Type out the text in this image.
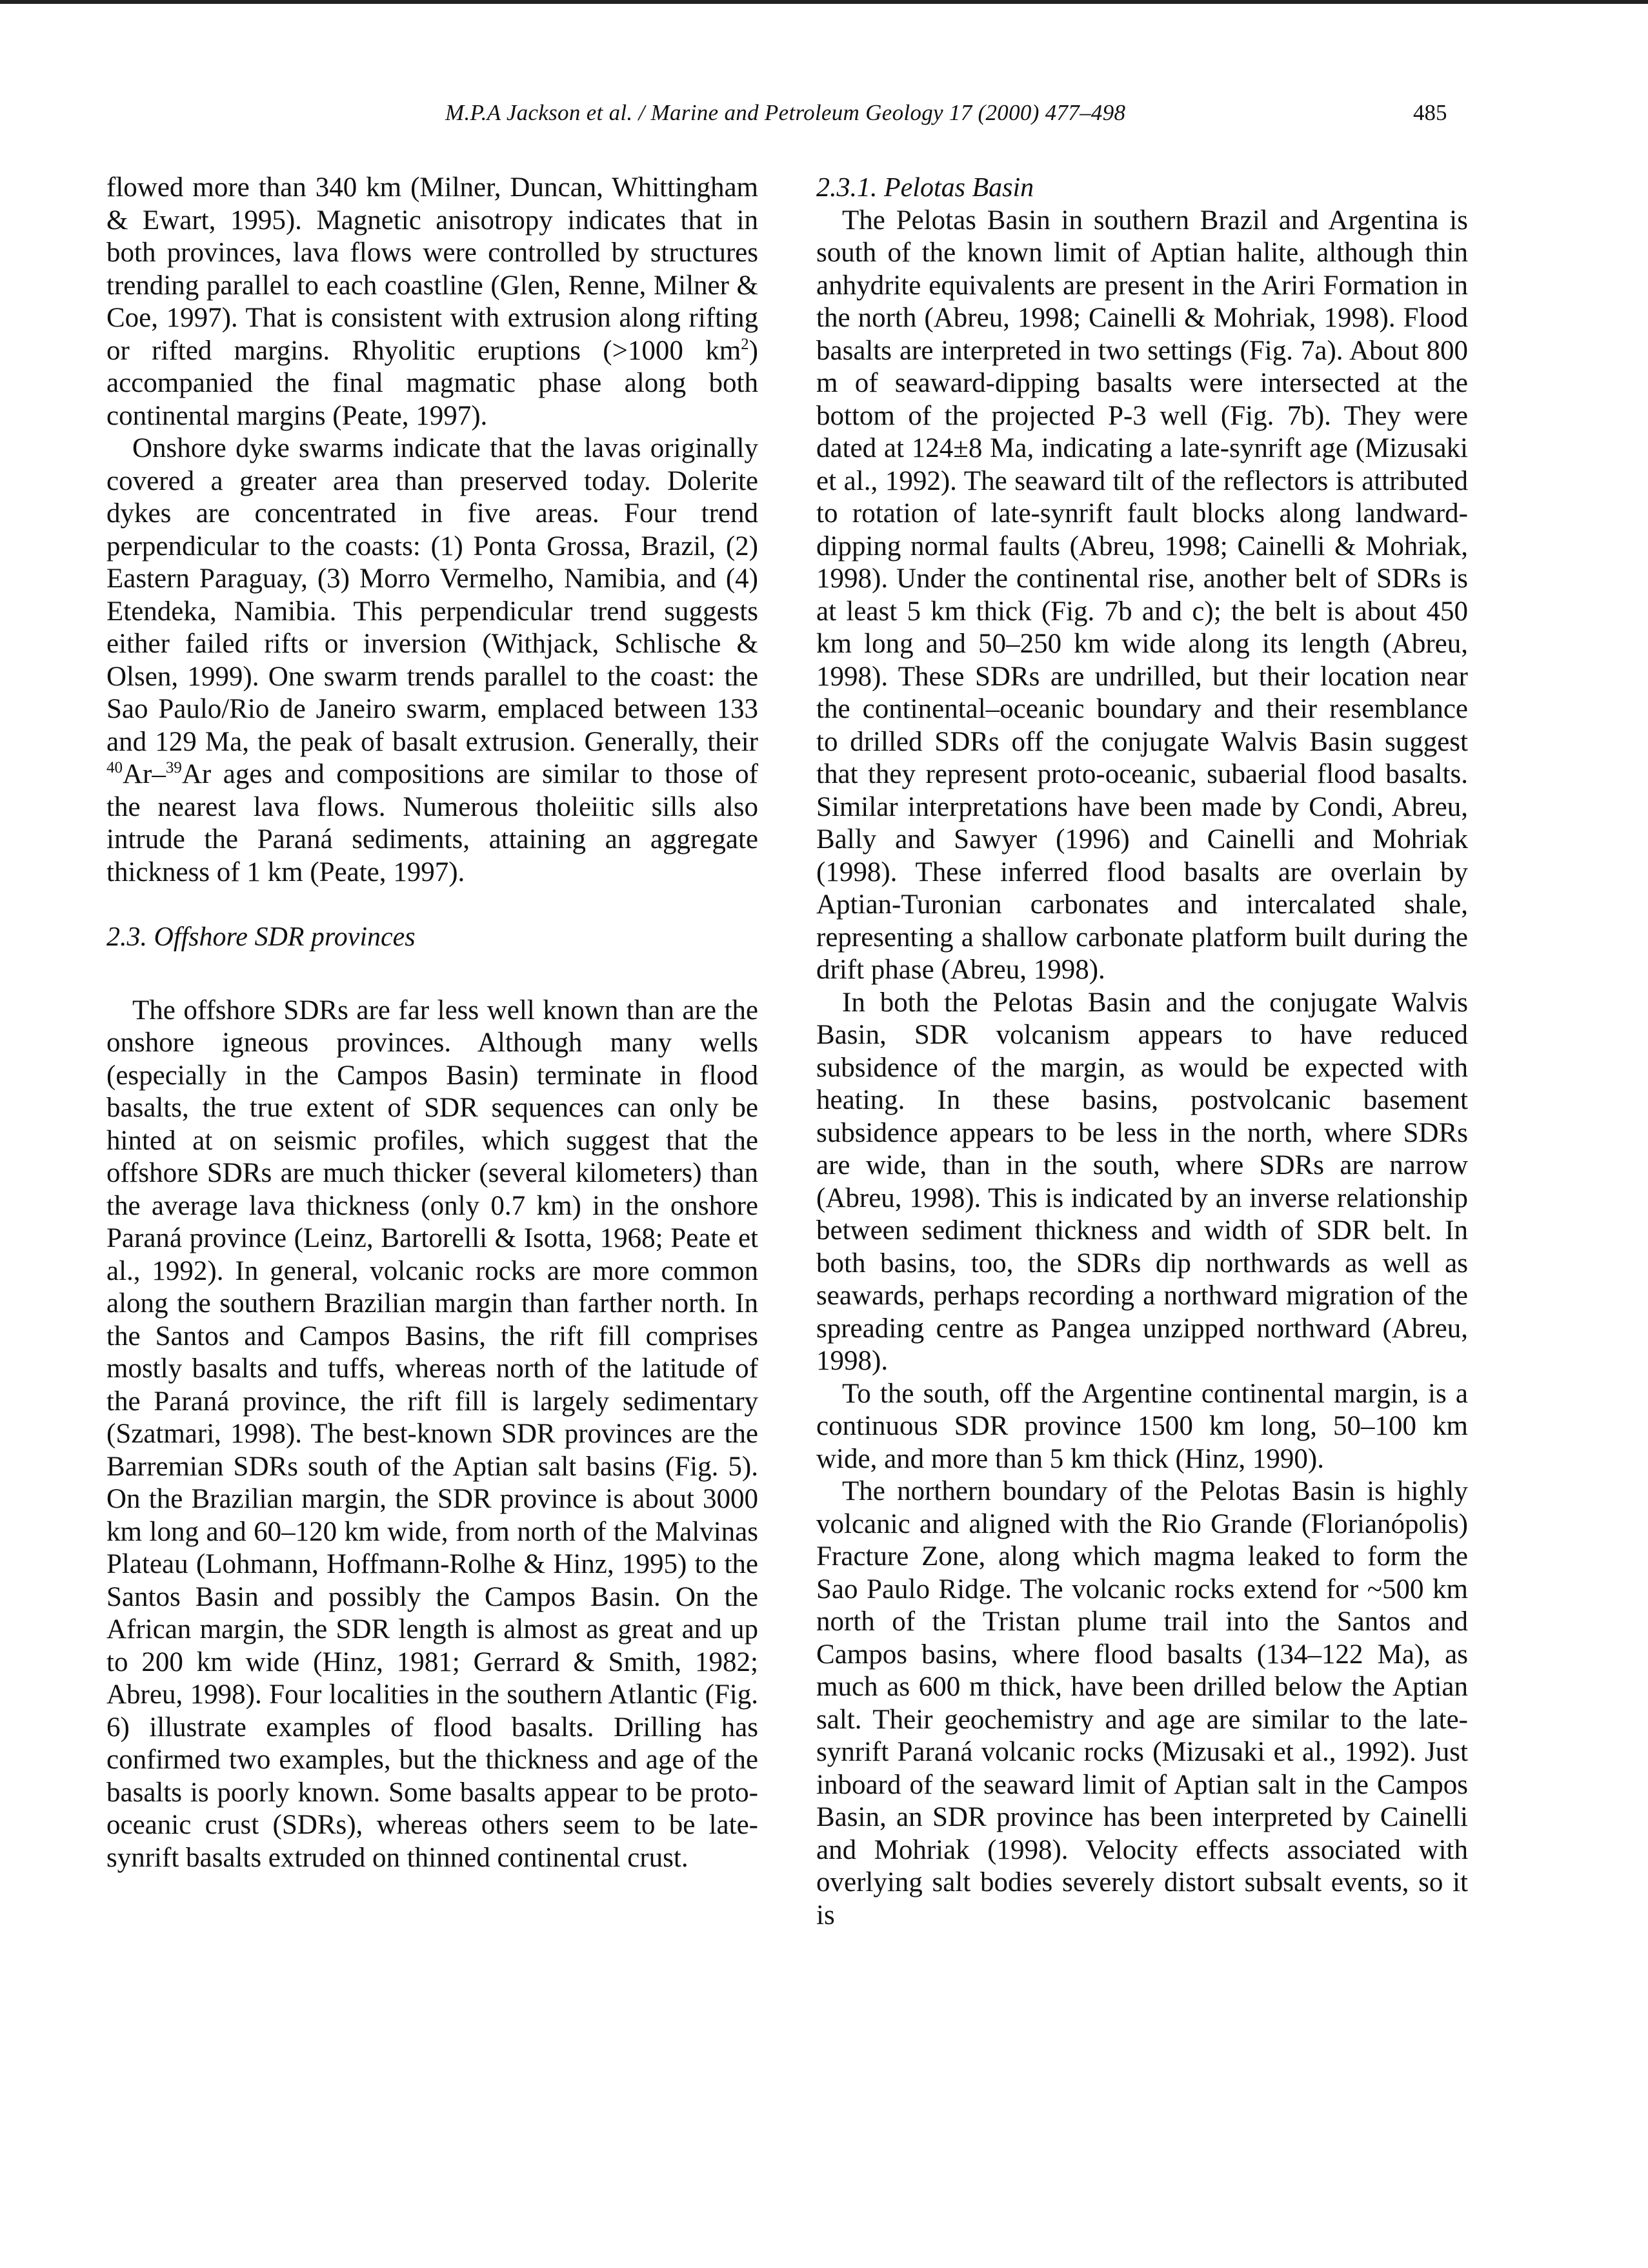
M.P.A Jackson et al. / Marine and Petroleum Geology 17 (2000) 477–498	485

flowed more than 340 km (Milner, Duncan, Whittingham & Ewart, 1995). Magnetic anisotropy indicates that in both provinces, lava flows were controlled by structures trending parallel to each coastline (Glen, Renne, Milner & Coe, 1997). That is consistent with extrusion along rifting or rifted margins. Rhyolitic eruptions (>1000 $km^2$) accompanied the final magmatic phase along both continental margins (Peate, 1997).

Onshore dyke swarms indicate that the lavas originally covered a greater area than preserved today. Dolerite dykes are concentrated in five areas. Four trend perpendicular to the coasts: (1) Ponta Grossa, Brazil, (2) Eastern Paraguay, (3) Morro Vermelho, Namibia, and (4) Etendeka, Namibia. This perpendicular trend suggests either failed rifts or inversion (Withjack, Schlische & Olsen, 1999). One swarm trends parallel to the coast: the Sao Paulo/Rio de Janeiro swarm, emplaced between 133 and 129 Ma, the peak of basalt extrusion. Generally, their $^{40}$Ar–$^{39}$Ar ages and compositions are similar to those of the nearest lava flows. Numerous tholeiitic sills also intrude the Paraná sediments, attaining an aggregate thickness of 1 km (Peate, 1997).

2.3. Offshore SDR provinces

The offshore SDRs are far less well known than are the onshore igneous provinces. Although many wells (especially in the Campos Basin) terminate in flood basalts, the true extent of SDR sequences can only be hinted at on seismic profiles, which suggest that the offshore SDRs are much thicker (several kilometers) than the average lava thickness (only 0.7 km) in the onshore Paraná province (Leinz, Bartorelli & Isotta, 1968; Peate et al., 1992). In general, volcanic rocks are more common along the southern Brazilian margin than farther north. In the Santos and Campos Basins, the rift fill comprises mostly basalts and tuffs, whereas north of the latitude of the Paraná province, the rift fill is largely sedimentary (Szatmari, 1998). The best-known SDR provinces are the Barremian SDRs south of the Aptian salt basins (Fig. 5). On the Brazilian margin, the SDR province is about 3000 km long and 60–120 km wide, from north of the Malvinas Plateau (Lohmann, Hoffmann-Rolhe & Hinz, 1995) to the Santos Basin and possibly the Campos Basin. On the African margin, the SDR length is almost as great and up to 200 km wide (Hinz, 1981; Gerrard & Smith, 1982; Abreu, 1998). Four localities in the southern Atlantic (Fig. 6) illustrate examples of flood basalts. Drilling has confirmed two examples, but the thickness and age of the basalts is poorly known. Some basalts appear to be proto-oceanic crust (SDRs), whereas others seem to be late-synrift basalts extruded on thinned continental crust.

2.3.1. Pelotas Basin

The Pelotas Basin in southern Brazil and Argentina is south of the known limit of Aptian halite, although thin anhydrite equivalents are present in the Ariri Formation in the north (Abreu, 1998; Cainelli & Mohriak, 1998). Flood basalts are interpreted in two settings (Fig. 7a). About 800 m of seaward-dipping basalts were intersected at the bottom of the projected P-3 well (Fig. 7b). They were dated at 124±8 Ma, indicating a late-synrift age (Mizusaki et al., 1992). The seaward tilt of the reflectors is attributed to rotation of late-synrift fault blocks along landward-dipping normal faults (Abreu, 1998; Cainelli & Mohriak, 1998). Under the continental rise, another belt of SDRs is at least 5 km thick (Fig. 7b and c); the belt is about 450 km long and 50–250 km wide along its length (Abreu, 1998). These SDRs are undrilled, but their location near the continental–oceanic boundary and their resemblance to drilled SDRs off the conjugate Walvis Basin suggest that they represent proto-oceanic, subaerial flood basalts. Similar interpretations have been made by Condi, Abreu, Bally and Sawyer (1996) and Cainelli and Mohriak (1998). These inferred flood basalts are overlain by Aptian-Turonian carbonates and intercalated shale, representing a shallow carbonate platform built during the drift phase (Abreu, 1998).

In both the Pelotas Basin and the conjugate Walvis Basin, SDR volcanism appears to have reduced subsidence of the margin, as would be expected with heating. In these basins, postvolcanic basement subsidence appears to be less in the north, where SDRs are wide, than in the south, where SDRs are narrow (Abreu, 1998). This is indicated by an inverse relationship between sediment thickness and width of SDR belt. In both basins, too, the SDRs dip northwards as well as seawards, perhaps recording a northward migration of the spreading centre as Pangea unzipped northward (Abreu, 1998).

To the south, off the Argentine continental margin, is a continuous SDR province 1500 km long, 50–100 km wide, and more than 5 km thick (Hinz, 1990).

The northern boundary of the Pelotas Basin is highly volcanic and aligned with the Rio Grande (Florianópolis) Fracture Zone, along which magma leaked to form the Sao Paulo Ridge. The volcanic rocks extend for ~500 km north of the Tristan plume trail into the Santos and Campos basins, where flood basalts (134–122 Ma), as much as 600 m thick, have been drilled below the Aptian salt. Their geochemistry and age are similar to the late-synrift Paraná volcanic rocks (Mizusaki et al., 1992). Just inboard of the seaward limit of Aptian salt in the Campos Basin, an SDR province has been interpreted by Cainelli and Mohriak (1998). Velocity effects associated with overlying salt bodies severely distort subsalt events, so it is
